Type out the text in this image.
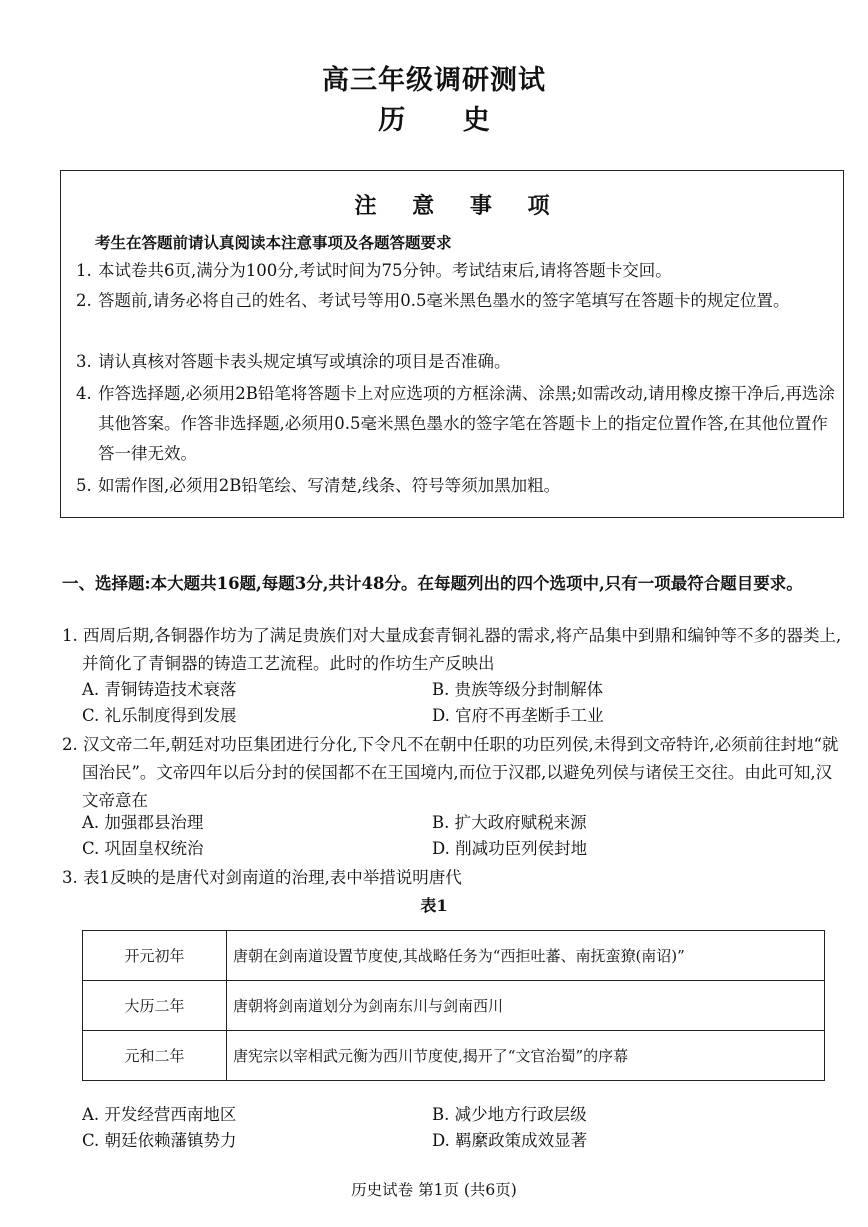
高三年级调研测试
历 史
注 意 事 项
考生在答题前请认真阅读本注意事项及各题答题要求
1. 本试卷共6页,满分为100分,考试时间为75分钟。考试结束后,请将答题卡交回。
2. 答题前,请务必将自己的姓名、考试号等用0.5毫米黑色墨水的签字笔填写在答题卡的规定位置。
3. 请认真核对答题卡表头规定填写或填涂的项目是否准确。
4. 作答选择题,必须用2B铅笔将答题卡上对应选项的方框涂满、涂黑;如需改动,请用橡皮擦干净后,再选涂其他答案。作答非选择题,必须用0.5毫米黑色墨水的签字笔在答题卡上的指定位置作答,在其他位置作答一律无效。
5. 如需作图,必须用2B铅笔绘、写清楚,线条、符号等须加黑加粗。
一、选择题:本大题共16题,每题3分,共计48分。在每题列出的四个选项中,只有一项最符合题目要求。
1. 西周后期,各铜器作坊为了满足贵族们对大量成套青铜礼器的需求,将产品集中到鼎和编钟等不多的器类上,并简化了青铜器的铸造工艺流程。此时的作坊生产反映出
A. 青铜铸造技术衰落	B. 贵族等级分封制解体
C. 礼乐制度得到发展	D. 官府不再垄断手工业
2. 汉文帝二年,朝廷对功臣集团进行分化,下令凡不在朝中任职的功臣列侯,未得到文帝特许,必须前往封地“就国治民”。文帝四年以后分封的侯国都不在王国境内,而位于汉郡,以避免列侯与诸侯王交往。由此可知,汉文帝意在
A. 加强郡县治理	B. 扩大政府赋税来源
C. 巩固皇权统治	D. 削减功臣列侯封地
3. 表1反映的是唐代对剑南道的治理,表中举措说明唐代
表1
开元初年	唐朝在剑南道设置节度使,其战略任务为“西拒吐蕃、南抚蛮獠(南诏)”
大历二年	唐朝将剑南道划分为剑南东川与剑南西川
元和二年	唐宪宗以宰相武元衡为西川节度使,揭开了“文官治蜀”的序幕
A. 开发经营西南地区	B. 减少地方行政层级
C. 朝廷依赖藩镇势力	D. 羁縻政策成效显著
历史试卷 第1页 (共6页)
